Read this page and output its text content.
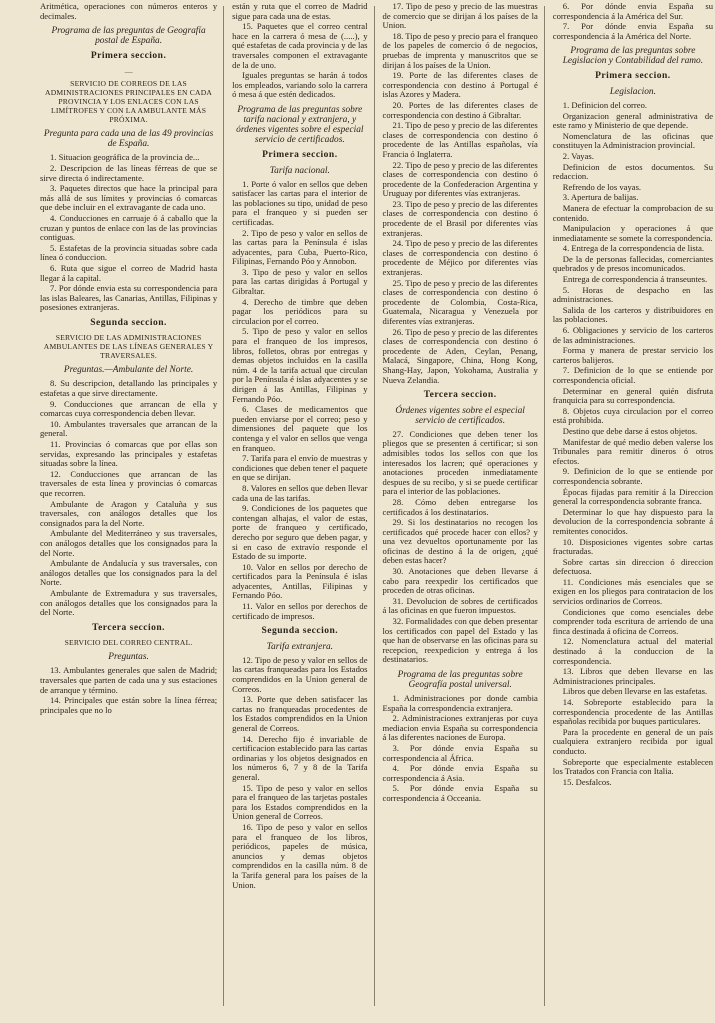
Aritmética, operaciones con números enteros y decimales.

Programa de las preguntas de Geografía postal de España.
Primera seccion.
—
SERVICIO DE CORREOS DE LAS ADMINISTRACIONES PRINCIPALES EN CADA PROVINCIA Y LOS ENLACES CON LAS LIMÍTROFES Y CON LA AMBULANTE MÁS PRÓXIMA.
Pregunta para cada una de las 49 provincias de España.

1. Situacion geográfica de la provincia de...

2. Descripcion de las líneas férreas de que se sirve directa ó indirectamente.

3. Paquetes directos que hace la principal para más allá de sus límites y provincias ó comarcas que debe incluir en el extravagante de cada uno.

4. Conducciones en carruaje ó á caballo que la cruzan y puntos de enlace con las de las provincias contiguas.

5. Estafetas de la provincia situadas sobre cada línea ó conduccion.

6. Ruta que sigue el correo de Madrid hasta llegar á la capital.

7. Por dónde envia esta su correspondencia para las islas Baleares, las Canarias, Antillas, Filipinas y posesiones extranjeras.

Segunda seccion.
SERVICIO DE LAS ADMINISTRACIONES AMBULANTES DE LAS LÍNEAS GENERALES Y TRAVERSALES.
Preguntas.—Ambulante del Norte.

8. Su descripcion, detallando las principales y estafetas a que sirve directamente.

9. Conducciones que arrancan de ella y comarcas cuya correspondencia deben llevar.

10. Ambulantes traversales que arrancan de la general.

11. Provincias ó comarcas que por ellas son servidas, expresando las principales y estafetas situadas sobre la línea.

12. Conducciones que arrancan de las traversales de esta línea y provincias ó comarcas que recorren.

Ambulante de Aragon y Cataluña y sus traversales, con análogos detalles que los consignados para la del Norte.

Ambulante del Mediterráneo y sus traversales, con análogos detalles que los consignados para la del Norte.

Ambulante de Andalucía y sus traversales, con análogos detalles que los consignados para la del Norte.

Ambulante de Extremadura y sus traversales, con análogos detalles que los consignados para la del Norte.

Tercera seccion.
SERVICIO DEL CORREO CENTRAL.
Preguntas.

13. Ambulantes generales que salen de Madrid; traversales que parten de cada una y sus estaciones de arranque y término.

14. Principales que están sobre la línea férrea; principales que no lo

están y ruta que el correo de Madrid sigue para cada una de estas.

15. Paquetes que el correo central hace en la carrera ó mesa de (.....), y qué estafetas de cada provincia y de las traversales componen el extravagante de la de uno.

Iguales preguntas se harán á todos los empleados, variando solo la carrera ó mesa á que estén dedicados.

Programa de las preguntas sobre tarifa nacional y extranjera, y órdenes vigentes sobre el especial servicio de certificados.
Primera seccion.
Tarifa nacional.

1. Porte ó valor en sellos que deben satisfacer las cartas para el interior de las poblaciones su tipo, unidad de peso para el franqueo y si pueden ser certificadas.

2. Tipo de peso y valor en sellos de las cartas para la Península é islas adyacentes, para Cuba, Puerto-Rico, Filipinas, Fernando Póo y Annobon.

3. Tipo de peso y valor en sellos para las cartas dirigidas á Portugal y Gibraltar.

4. Derecho de timbre que deben pagar los periódicos para su circulacion por el correo.

5. Tipo de peso y valor en sellos para el franqueo de los impresos, libros, folletos, obras por entregas y demas objetos incluidos en la casilla núm. 4 de la tarifa actual que circulan por la Península é islas adyacentes y se dirigen á las Antillas, Filipinas y Fernando Póo.

6. Clases de medicamentos que pueden enviarse por el correo; peso y dimensiones del paquete que los contenga y el valor en sellos que venga en franqueo.

7. Tarifa para el envío de muestras y condiciones que deben tener el paquete en que se dirijan.

8. Valores en sellos que deben llevar cada una de las tarifas.

9. Condiciones de los paquetes que contengan alhajas, el valor de estas, porte de franqueo y certificado, derecho por seguro que deben pagar, y si en caso de extravío responde el Estado de su importe.

10. Valor en sellos por derecho de certificados para la Península é islas adyacentes, Antillas, Filipinas y Fernando Póo.

11. Valor en sellos por derechos de certificado de impresos.

Segunda seccion.
Tarifa extranjera.

12. Tipo de peso y valor en sellos de las cartas franqueadas para los Estados comprendidos en la Union general de Correos.

13. Porte que deben satisfacer las cartas no franqueadas procedentes de los Estados comprendidos en la Union general de Correos.

14. Derecho fijo é invariable de certificacion establecido para las cartas ordinarias y los objetos designados en los números 6, 7 y 8 de la Tarifa general.

15. Tipo de peso y valor en sellos para el franqueo de las tarjetas postales para los Estados comprendidos en la Union general de Correos.

16. Tipo de peso y valor en sellos para el franqueo de los libros, periódicos, papeles de música, anuncios y demas objetos comprendidos en la casilla núm. 8 de la Tarifa general para los países de la Union.

17. Tipo de peso y precio de las muestras de comercio que se dirijan á los países de la Union.

18. Tipo de peso y precio para el franqueo de los papeles de comercio ó de negocios, pruebas de imprenta y manuscritos que se dirijan á los países de la Union.

19. Porte de las diferentes clases de correspondencia con destino á Portugal é islas Azores y Madera.

20. Portes de las diferentes clases de correspondencia con destino á Gibraltar.

21. Tipo de peso y precio de las diferentes clases de correspondencia con destino ó procedente de las Antillas españolas, vía Francia ó Inglaterra.

22. Tipo de peso y precio de las diferentes clases de correspondencia con destino ó procedente de la Confederacion Argentina y Uruguay por diferentes vías extranjeras.

23. Tipo de peso y precio de las diferentes clases de correspondencia con destino ó procedente de el Brasil por diferentes vías extranjeras.

24. Tipo de peso y precio de las diferentes clases de correspondencia con destino ó procedente de Méjico por diferentes vías extranjeras.

25. Tipo de peso y precio de las diferentes clases de correspondencia con destino ó procedente de Colombia, Costa-Rica, Guatemala, Nicaragua y Venezuela por diferentes vías extranjeras.

26. Tipo de peso y precio de las diferentes clases de correspondencia con destino ó procedente de Aden, Ceylan, Penang, Malacá, Singapore, China, Hong Kong, Shang-Hay, Japon, Yokohama, Australia y Nueva Zelandia.

Tercera seccion.
Órdenes vigentes sobre el especial servicio de certificados.

27. Condiciones que deben tener los pliegos que se presenten á certificar; si son admisibles todos los sellos con que los interesados los lacren; qué operaciones y anotaciones proceden inmediatamente despues de su recibo, y si se puede certificar para el interior de las poblaciones.

28. Cómo deben entregarse los certificados á los destinatarios.

29. Si los destinatarios no recogen los certificados qué procede hacer con ellos? y una vez devueltos oportunamente por las oficinas de destino á la de origen, ¿qué deben estas hacer?

30. Anotaciones que deben llevarse á cabo para reexpedir los certificados que proceden de otras oficinas.

31. Devolucion de sobres de certificados á las oficinas en que fueron impuestos.

32. Formalidades con que deben presentar los certificados con papel del Estado y las que han de observarse en las oficinas para su recepcion, reexpedicion y entrega á los destinatarios.

Programa de las preguntas sobre Geografía postal universal.

1. Administraciones por donde cambia España la correspondencia extranjera.

2. Administraciones extranjeras por cuya mediacion envia España su correspondencia á las diferentes naciones de Europa.

3. Por dónde envia España su correspondencia al África.

4. Por dónde envia España su correspondencia á Asia.

5. Por dónde envia España su correspondencia á Occeania.

6. Por dónde envia España su correspondencia á la América del Sur.

7. Por dónde envia España su correspondencia á la América del Norte.

Programa de las preguntas sobre Legislacion y Contabilidad del ramo.
Primera seccion.
Legislacion.

1. Definicion del correo.

Organizacion general administrativa de este ramo y Ministerio de que depende.

Nomenclatura de las oficinas que constituyen la Administracion provincial.

2. Vayas.

Definicion de estos documentos. Su redaccion.

Refrendo de los vayas.

3. Apertura de balijas.

Manera de efectuar la comprobacion de su contenido.

Manipulacion y operaciones á que inmediatamente se somete la correspondencia.

4. Entrega de la correspondencia de lista.

De la de personas fallecidas, comerciantes quebrados y de presos incomunicados.

Entrega de correspondencia á transeuntes.

5. Horas de despacho en las administraciones.

Salida de los carteros y distribuidores en las poblaciones.

6. Obligaciones y servicio de los carteros de las administraciones.

Forma y manera de prestar servicio los carteros balijeros.

7. Definicion de lo que se entiende por correspondencia oficial.

Determinar en general quién disfruta franquicia para su correspondencia.

8. Objetos cuya circulacion por el correo está prohibida.

Destino que debe darse á estos objetos.

Manifestar de qué medio deben valerse los Tribunales para remitir dineros ó otros efectos.

9. Definicion de lo que se entiende por correspondencia sobrante.

Épocas fijadas para remitir á la Direccion general la correspondencia sobrante franca.

Determinar lo que hay dispuesto para la devolucion de la correspondencia sobrante á remitentes conocidos.

10. Disposiciones vigentes sobre cartas fracturadas.

Sobre cartas sin direccion ó direccion defectuosa.

11. Condiciones más esenciales que se exigen en los pliegos para contratacion de los servicios ordinarios de Correos.

Condiciones que como esenciales debe comprender toda escritura de arriendo de una finca destinada á oficina de Correos.

12. Nomenclatura actual del material destinado á la conduccion de la correspondencia.

13. Libros que deben llevarse en las Administraciones principales.

Libros que deben llevarse en las estafetas.

14. Sobreporte establecido para la correspondencia procedente de las Antillas españolas recibida por buques particulares.

Para la procedente en general de un país cualquiera extranjero recibida por igual conducto.

Sobreporte que especialmente establecen los Tratados con Francia con Italia.

15. Desfalcos.
